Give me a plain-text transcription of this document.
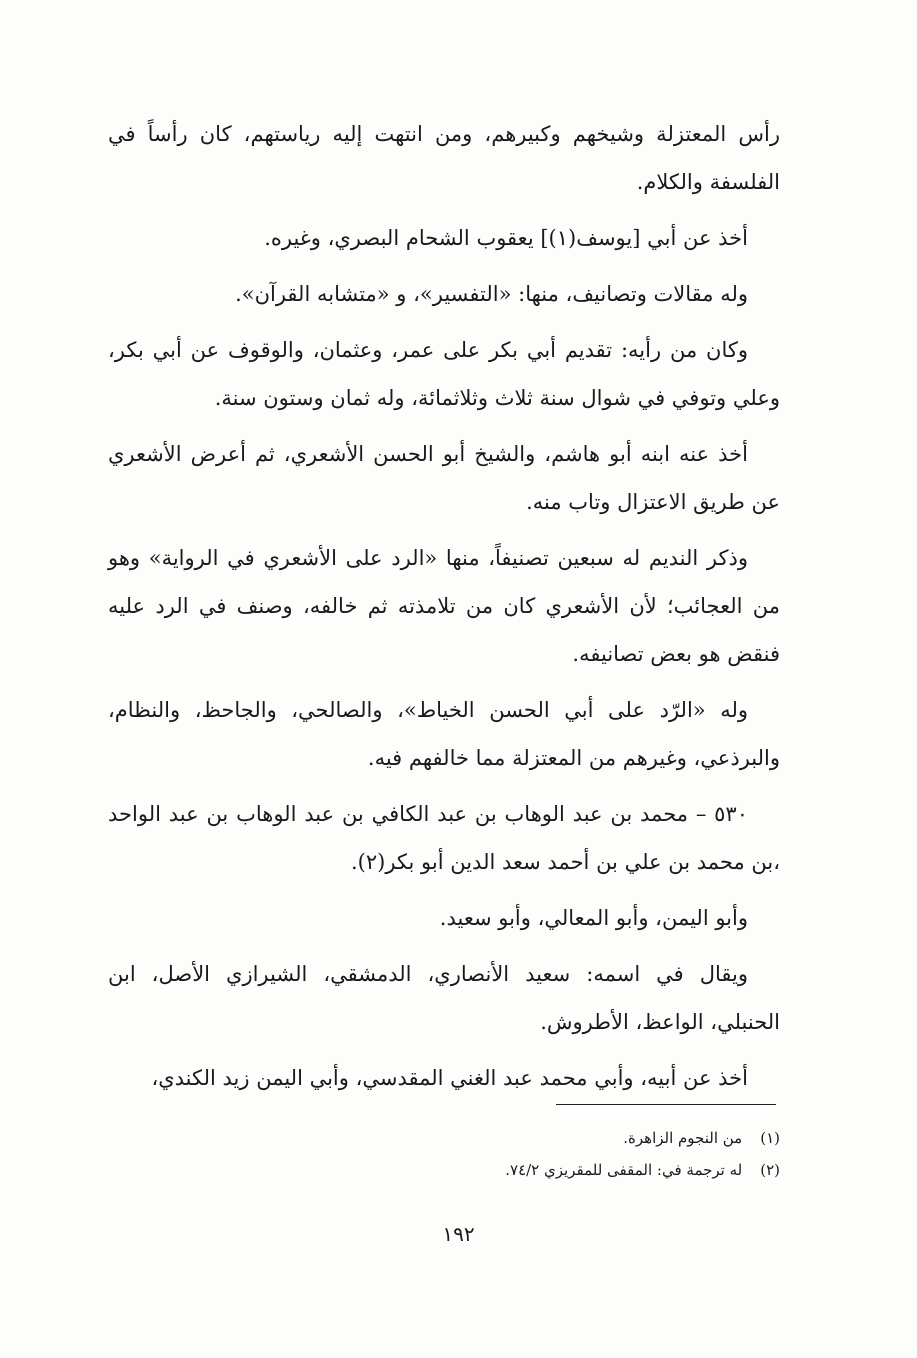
رأس المعتزلة وشيخهم وكبيرهم، ومن انتهت إليه رياستهم، كان رأساً في الفلسفة والكلام.

أخذ عن أبي [يوسف(١)] يعقوب الشحام البصري، وغيره.

وله مقالات وتصانيف، منها: «التفسير»، و «متشابه القرآن».

وكان من رأيه: تقديم أبي بكر على عمر، وعثمان، والوقوف عن أبي بكر، وعلي وتوفي في شوال سنة ثلاث وثلاثمائة، وله ثمان وستون سنة.

أخذ عنه ابنه أبو هاشم، والشيخ أبو الحسن الأشعري، ثم أعرض الأشعري عن طريق الاعتزال وتاب منه.

وذكر النديم له سبعين تصنيفاً، منها «الرد على الأشعري في الرواية» وهو من العجائب؛ لأن الأشعري كان من تلامذته ثم خالفه، وصنف في الرد عليه فنقض هو بعض تصانيفه.

وله «الرّد على أبي الحسن الخياط»، والصالحي، والجاحظ، والنظام، والبرذعي، وغيرهم من المعتزلة مما خالفهم فيه.

٥٣٠ – محمد بن عبد الوهاب بن عبد الكافي بن عبد الوهاب بن عبد الواحد ،بن محمد بن علي بن أحمد سعد الدين أبو بكر(٢).

وأبو اليمن، وأبو المعالي، وأبو سعيد.

ويقال في اسمه: سعيد الأنصاري، الدمشقي، الشيرازي الأصل، ابن الحنبلي، الواعظ، الأطروش.

أخذ عن أبيه، وأبي محمد عبد الغني المقدسي، وأبي اليمن زيد الكندي،

(١)
من النجوم الزاهرة.
(٢)
له ترجمة في: المقفى للمقريزي ٧٤/٢.
١٩٢
